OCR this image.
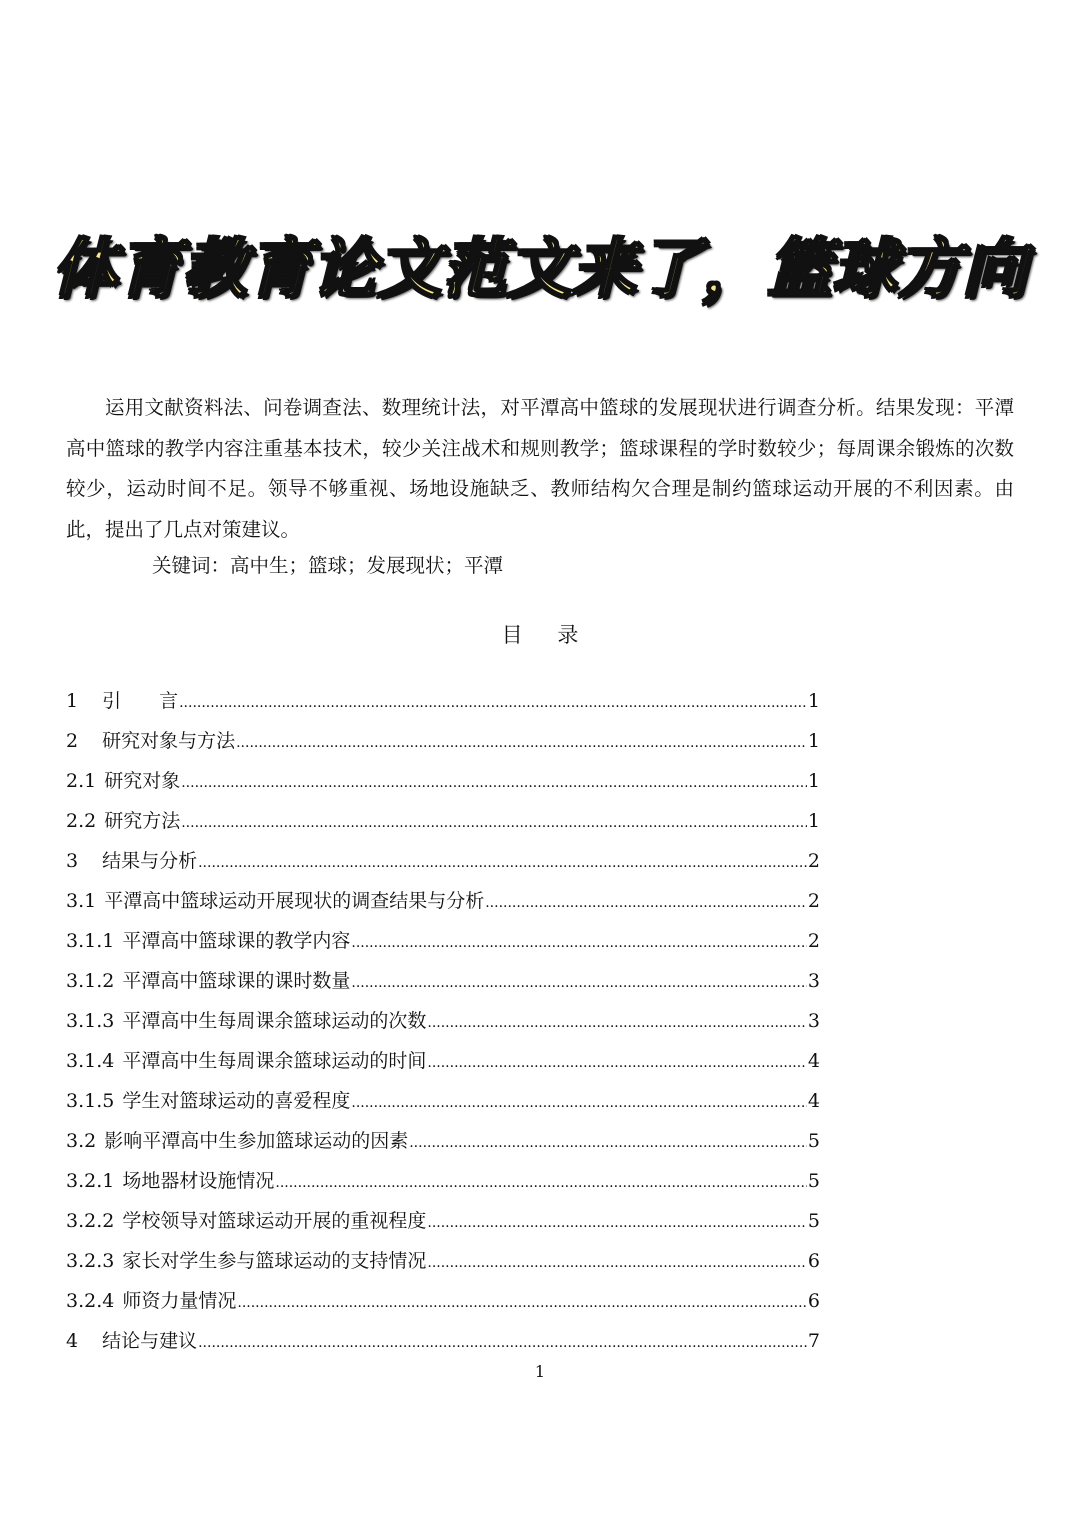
体育教育论文范文来了，篮球方向

运用文献资料法、问卷调查法、数理统计法，对平潭高中篮球的发展现状进行调查分析。结果发现：平潭高中篮球的教学内容注重基本技术，较少关注战术和规则教学；篮球课程的学时数较少；每周课余锻炼的次数较少，运动时间不足。领导不够重视、场地设施缺乏、教师结构欠合理是制约篮球运动开展的不利因素。由此，提出了几点对策建议。

关键词：高中生；篮球；发展现状；平潭

目 录
1	引　　言 .....	1
2	研究对象与方法 .....	1
2.1 研究对象 .....	1
2.2 研究方法 .....	1
3	结果与分析 .....	2
3.1 平潭高中篮球运动开展现状的调查结果与分析 .....	2
3.1.1 平潭高中篮球课的教学内容 .....	2
3.1.2 平潭高中篮球课的课时数量 .....	3
3.1.3 平潭高中生每周课余篮球运动的次数 .....	3
3.1.4 平潭高中生每周课余篮球运动的时间 .....	4
3.1.5 学生对篮球运动的喜爱程度 .....	4
3.2 影响平潭高中生参加篮球运动的因素 .....	5
3.2.1 场地器材设施情况 .....	5
3.2.2 学校领导对篮球运动开展的重视程度 .....	5
3.2.3 家长对学生参与篮球运动的支持情况 .....	6
3.2.4 师资力量情况 .....	6
4	结论与建议 .....	7
1
